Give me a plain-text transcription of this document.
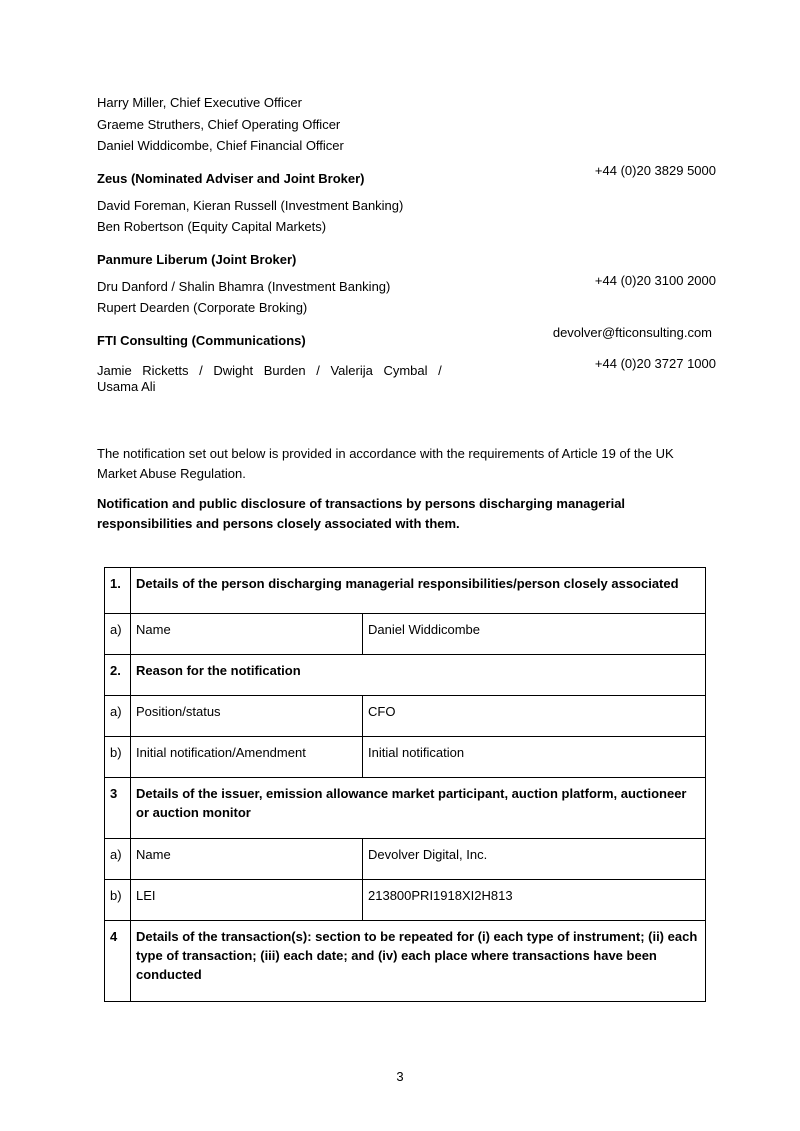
Harry Miller, Chief Executive Officer
Graeme Struthers, Chief Operating Officer
Daniel Widdicombe, Chief Financial Officer
+44 (0)20 3829 5000
Zeus (Nominated Adviser and Joint Broker)
David Foreman, Kieran Russell (Investment Banking)
Ben Robertson (Equity Capital Markets)
Panmure Liberum (Joint Broker)
+44 (0)20 3100 2000
Dru Danford / Shalin Bhamra (Investment Banking)
Rupert Dearden (Corporate Broking)
devolver@fticonsulting.com
FTI Consulting (Communications)
+44 (0)20 3727 1000
Jamie Ricketts / Dwight Burden / Valerija Cymbal /
Usama Ali
The notification set out below is provided in accordance with the requirements of Article 19 of the UK Market Abuse Regulation.
Notification and public disclosure of transactions by persons discharging managerial responsibilities and persons closely associated with them.
1.	Details of the person discharging managerial responsibilities/person closely associated	
a)	Name	Daniel Widdicombe
2.	Reason for the notification	
a)	Position/status	CFO
b)	Initial notification/Amendment	Initial notification
3	Details of the issuer, emission allowance market participant, auction platform, auctioneer or auction monitor	
a)	Name	Devolver Digital, Inc.
b)	LEI	213800PRI1918XI2H813
4	Details of the transaction(s): section to be repeated for (i) each type of instrument; (ii) each type of transaction; (iii) each date; and (iv) each place where transactions have been conducted	
3
